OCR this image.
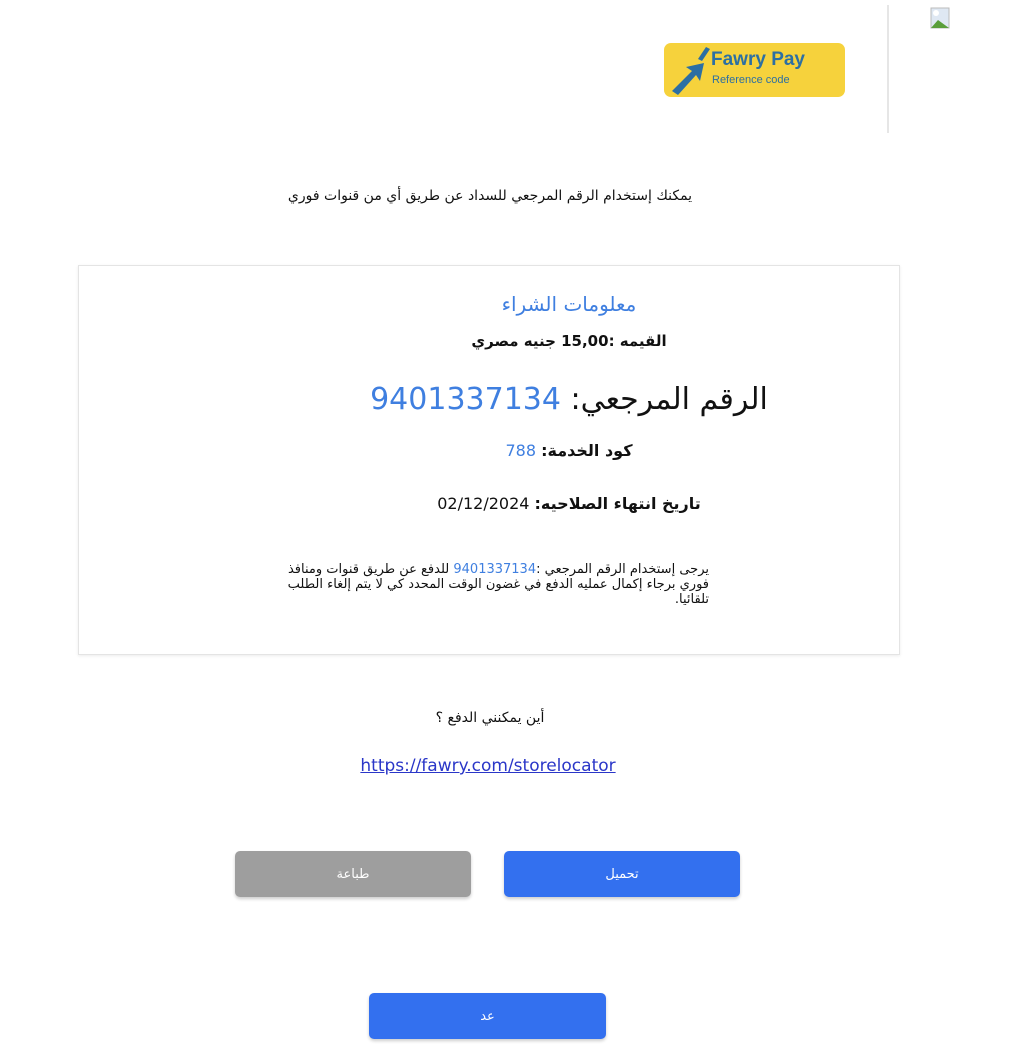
Fawry Pay
Reference code
يمكنك إستخدام الرقم المرجعي للسداد عن طريق أي من قنوات فوري
معلومات الشراء
القيمه :15,00 جنيه مصري
الرقم المرجعي: 9401337134
كود الخدمة: 788
تاريخ انتهاء الصلاحيه: 02/12/2024
يرجى إستخدام الرقم المرجعي :9401337134 للدفع عن طريق قنوات ومنافذ فوري برجاء إكمال عمليه الدفع في غضون الوقت المحدد كي لا يتم إلغاء الطلب تلقائيا.
أين يمكنني الدفع ؟
https://fawry.com/storelocator
طباعة	تحميل
عد
